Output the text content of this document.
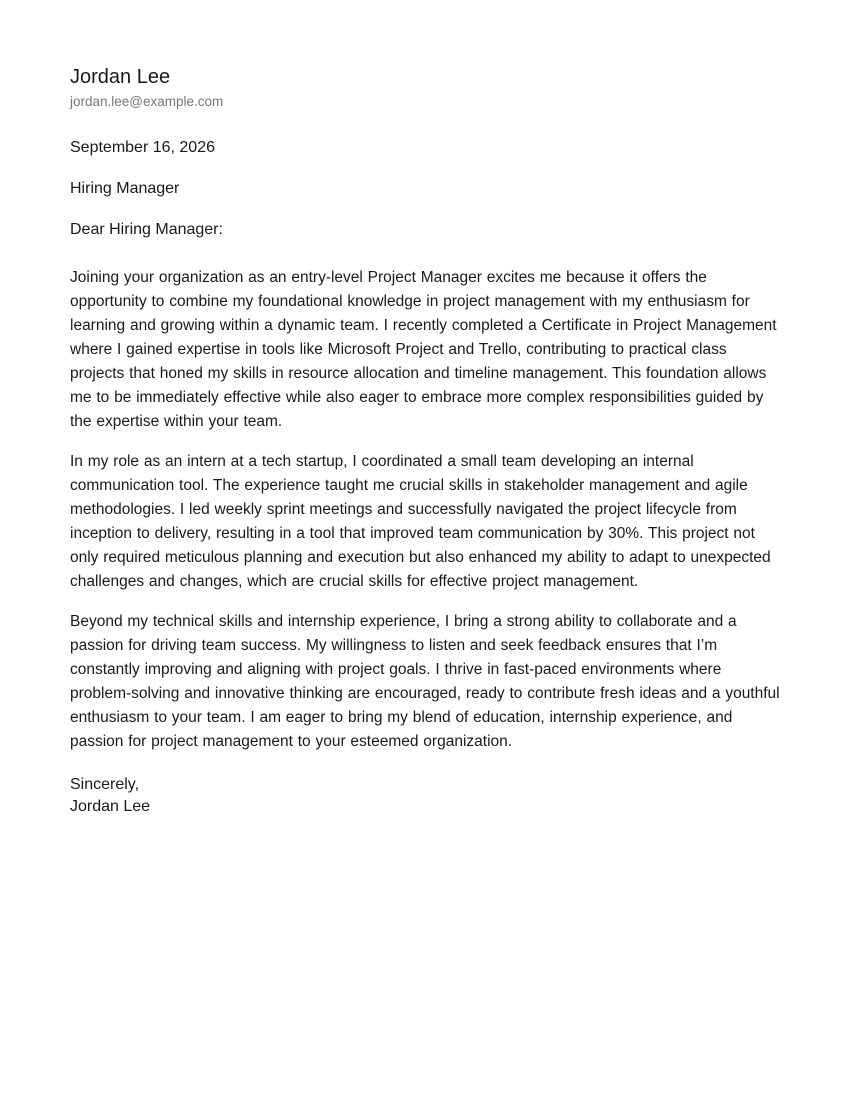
Jordan Lee
jordan.lee@example.com
September 16, 2026
Hiring Manager
Dear Hiring Manager:

Joining your organization as an entry-level Project Manager excites me because it offers the opportunity to combine my foundational knowledge in project management with my enthusiasm for learning and growing within a dynamic team. I recently completed a Certificate in Project Management where I gained expertise in tools like Microsoft Project and Trello, contributing to practical class projects that honed my skills in resource allocation and timeline management. This foundation allows me to be immediately effective while also eager to embrace more complex responsibilities guided by the expertise within your team.

In my role as an intern at a tech startup, I coordinated a small team developing an internal communication tool. The experience taught me crucial skills in stakeholder management and agile methodologies. I led weekly sprint meetings and successfully navigated the project lifecycle from inception to delivery, resulting in a tool that improved team communication by 30%. This project not only required meticulous planning and execution but also enhanced my ability to adapt to unexpected challenges and changes, which are crucial skills for effective project management.

Beyond my technical skills and internship experience, I bring a strong ability to collaborate and a passion for driving team success. My willingness to listen and seek feedback ensures that I’m constantly improving and aligning with project goals. I thrive in fast-paced environments where problem-solving and innovative thinking are encouraged, ready to contribute fresh ideas and a youthful enthusiasm to your team. I am eager to bring my blend of education, internship experience, and passion for project management to your esteemed organization.

Sincerely,
Jordan Lee
